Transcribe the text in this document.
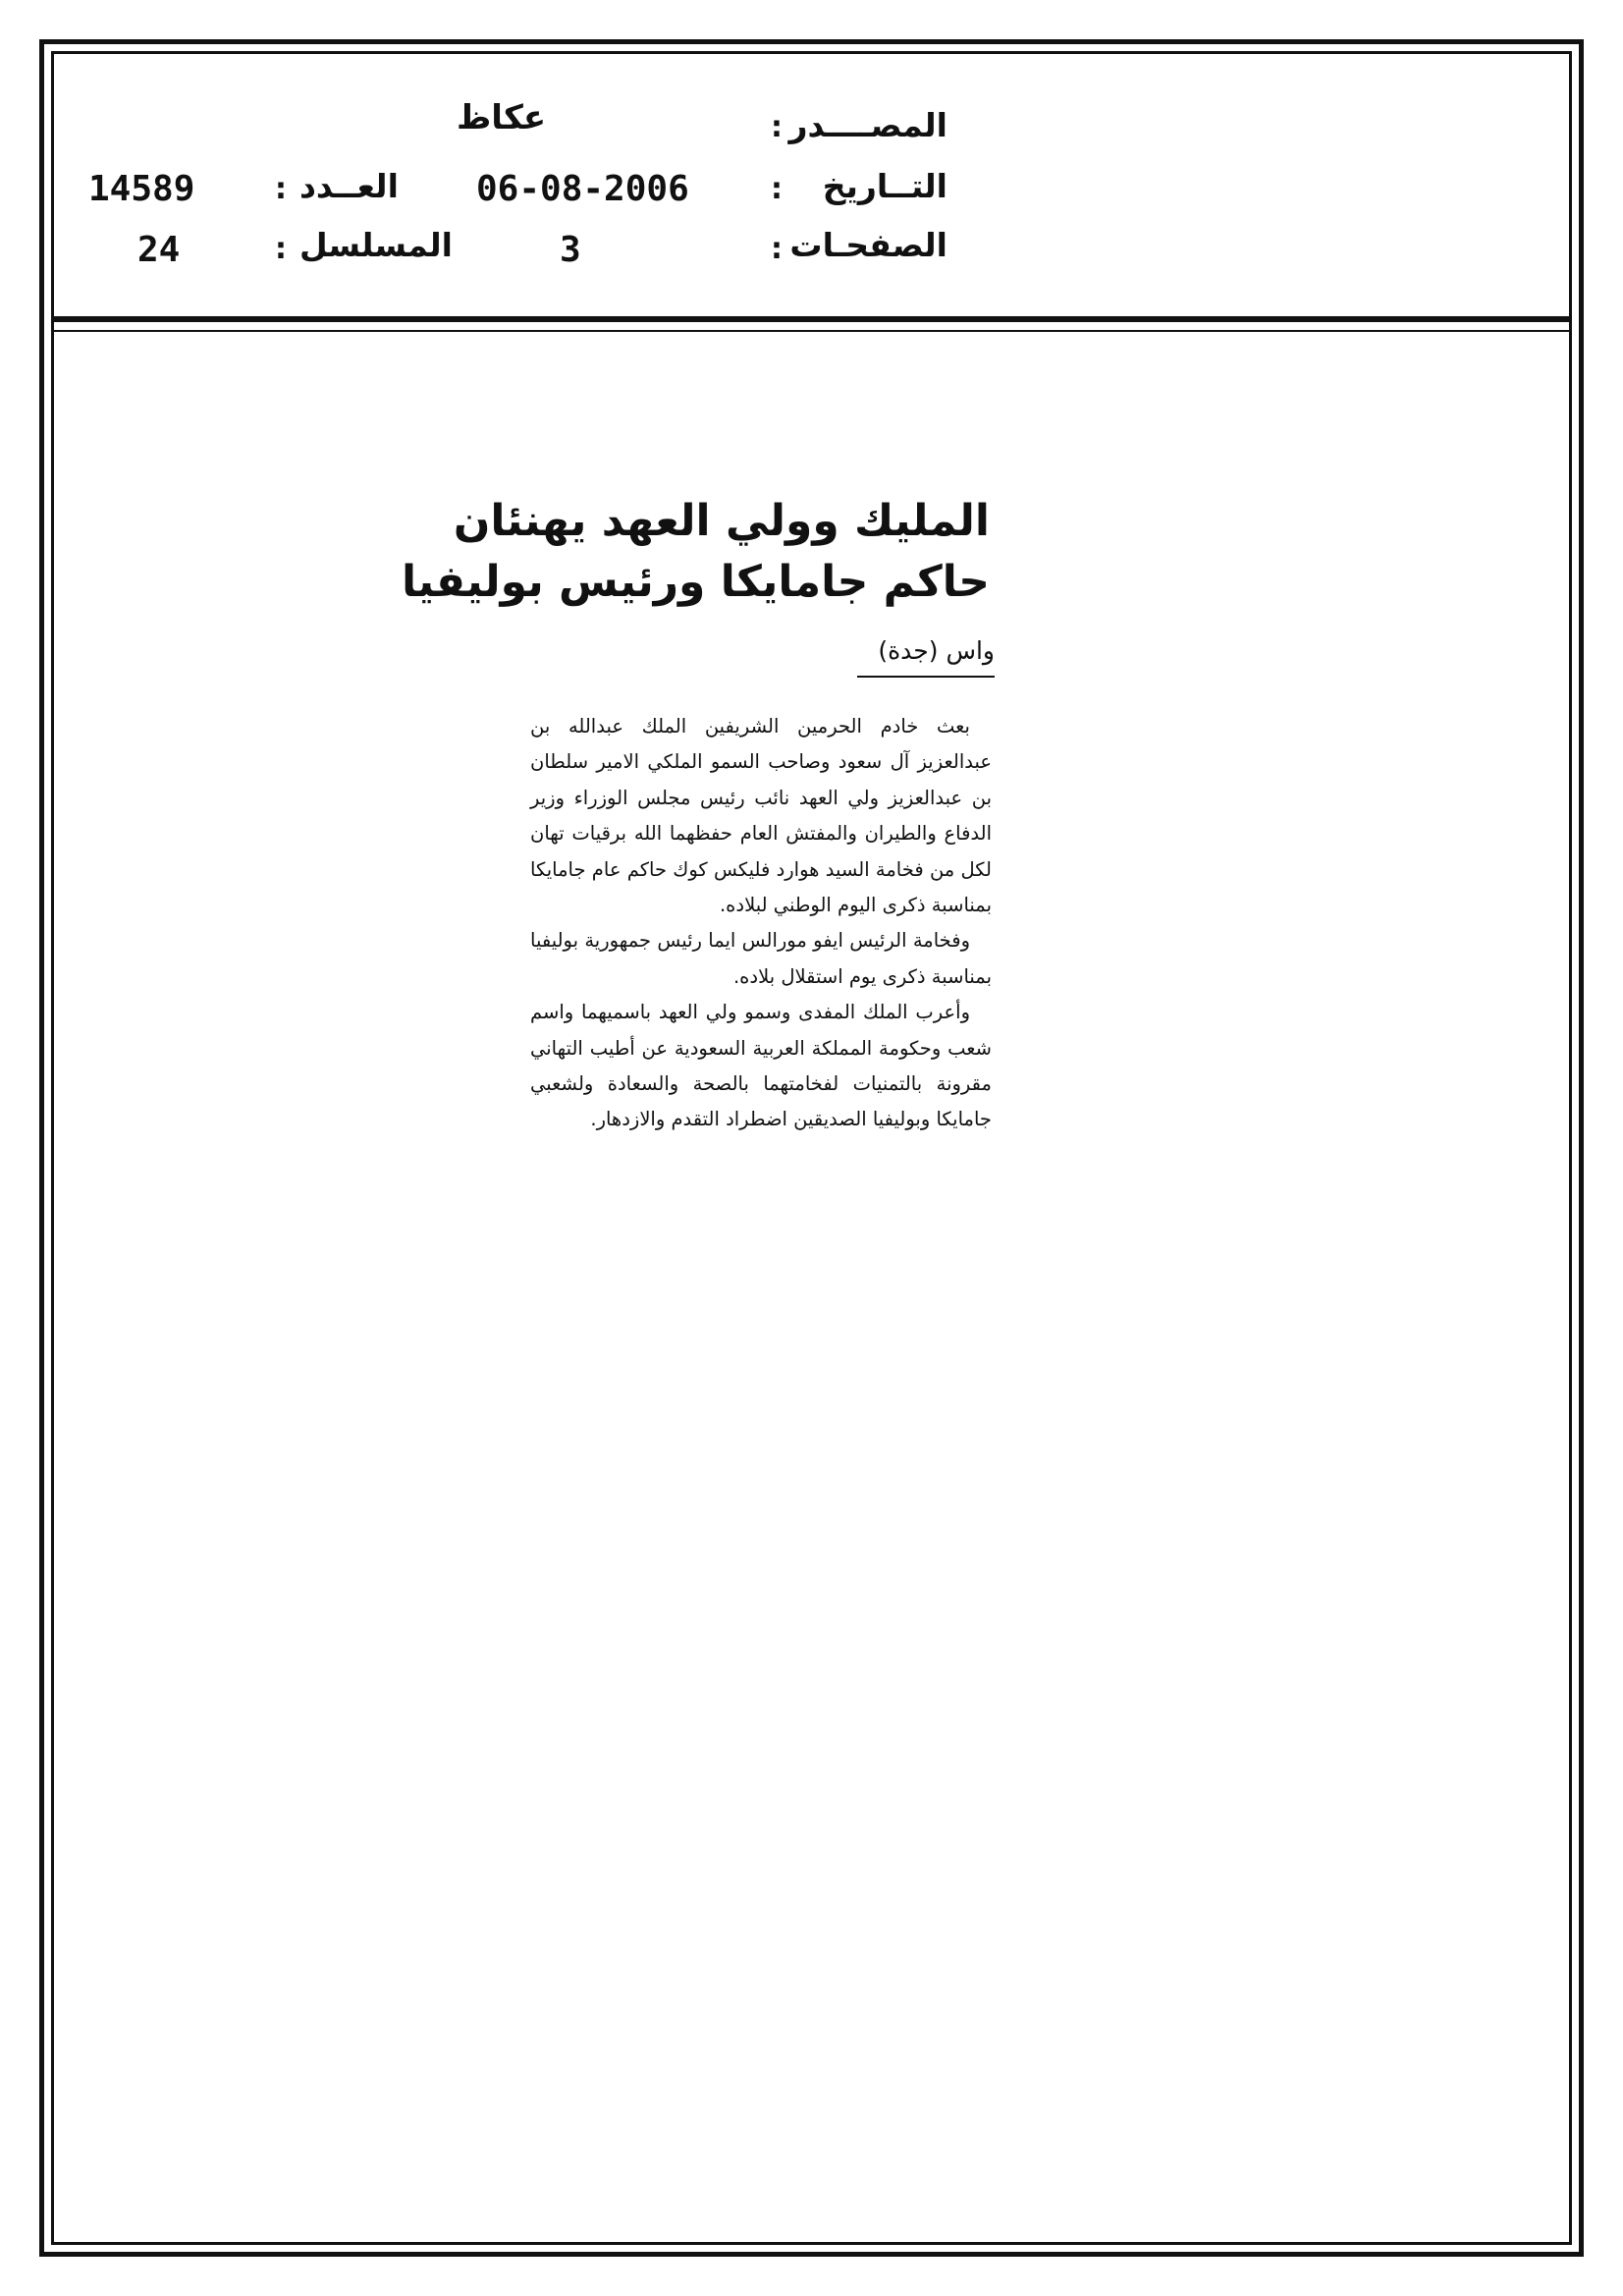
المصــــدر
:
عكاظ
التــاريخ
:
06-08-2006
العــدد
:
14589
الصفحـات
:
3
المسلسل
:
24
المليك وولي العهد يهنئان
حاكم جامايكا ورئيس بوليفيا
واس (جدة)

بعث خادم الحرمين الشريفين الملك عبدالله بن عبدالعزيز آل سعود وصاحب السمو الملكي الامير سلطان بن عبدالعزيز ولي العهد نائب رئيس مجلس الوزراء وزير الدفاع والطيران والمفتش العام حفظهما الله برقيات تهان لكل من فخامة السيد هوارد فليكس كوك حاكم عام جامايكا بمناسبة ذكرى اليوم الوطني لبلاده.

وفخامة الرئيس ايفو مورالس ايما رئيس جمهورية بوليفيا بمناسبة ذكرى يوم استقلال بلاده.

وأعرب الملك المفدى وسمو ولي العهد باسميهما واسم شعب وحكومة المملكة العربية السعودية عن أطيب التهاني مقرونة بالتمنيات لفخامتهما بالصحة والسعادة ولشعبي جامايكا وبوليفيا الصديقين اضطراد التقدم والازدهار.
